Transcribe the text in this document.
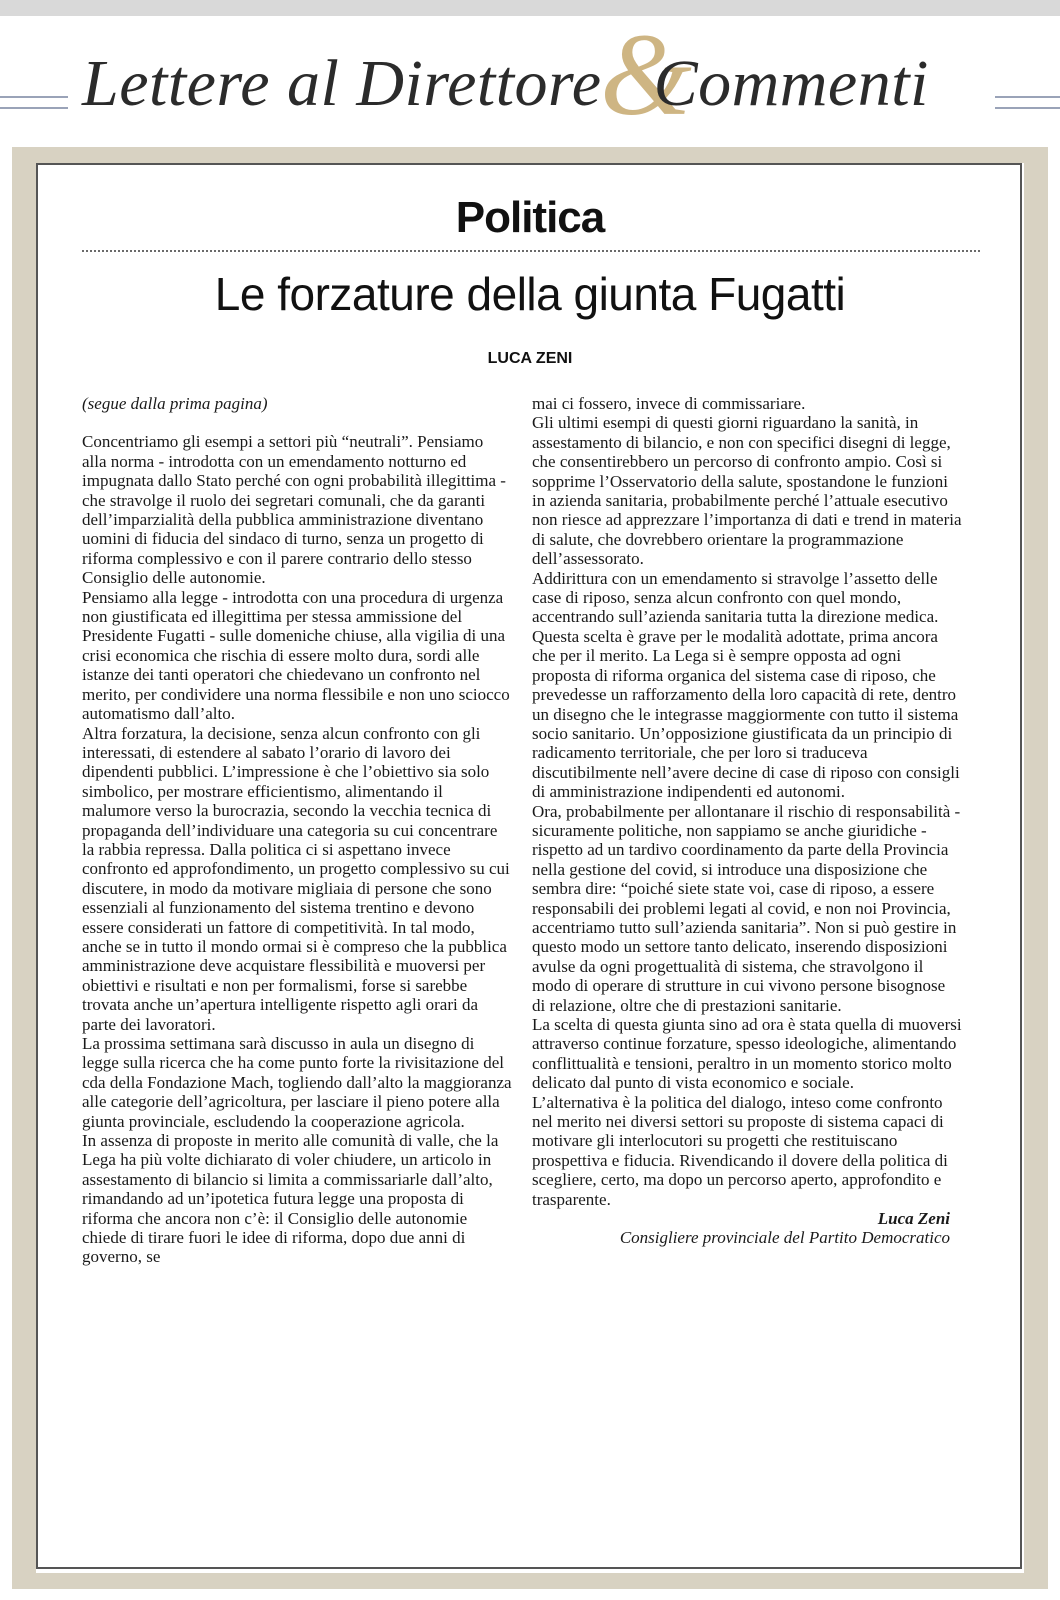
&
Lettere al Direttore Commenti
Politica
Le forzature della giunta Fugatti
LUCA ZENI

(segue dalla prima pagina)

Concentriamo gli esempi a settori più “neutrali”. Pensiamo alla norma - introdotta con un emendamento notturno ed impugnata dallo Stato perché con ogni probabilità illegittima - che stravolge il ruolo dei segretari comunali, che da garanti dell’imparzialità della pubblica amministrazione diventano uomini di fiducia del sindaco di turno, senza un progetto di riforma complessivo e con il parere contrario dello stesso Consiglio delle autonomie.

Pensiamo alla legge - introdotta con una procedura di urgenza non giustificata ed illegittima per stessa ammissione del Presidente Fugatti - sulle domeniche chiuse, alla vigilia di una crisi economica che rischia di essere molto dura, sordi alle istanze dei tanti operatori che chiedevano un confronto nel merito, per condividere una norma flessibile e non uno sciocco automatismo dall’alto.

Altra forzatura, la decisione, senza alcun confronto con gli interessati, di estendere al sabato l’orario di lavoro dei dipendenti pubblici. L’impressione è che l’obiettivo sia solo simbolico, per mostrare efficientismo, alimentando il malumore verso la burocrazia, secondo la vecchia tecnica di propaganda dell’individuare una categoria su cui concentrare la rabbia repressa. Dalla politica ci si aspettano invece confronto ed approfondimento, un progetto complessivo su cui discutere, in modo da motivare migliaia di persone che sono essenziali al funzionamento del sistema trentino e devono essere considerati un fattore di competitività. In tal modo, anche se in tutto il mondo ormai si è compreso che la pubblica amministrazione deve acquistare flessibilità e muoversi per obiettivi e risultati e non per formalismi, forse si sarebbe trovata anche un’apertura intelligente rispetto agli orari da parte dei lavoratori.

La prossima settimana sarà discusso in aula un disegno di legge sulla ricerca che ha come punto forte la rivisitazione del cda della Fondazione Mach, togliendo dall’alto la maggioranza alle categorie dell’agricoltura, per lasciare il pieno potere alla giunta provinciale, escludendo la cooperazione agricola.

In assenza di proposte in merito alle comunità di valle, che la Lega ha più volte dichiarato di voler chiudere, un articolo in assestamento di bilancio si limita a commissariarle dall’alto, rimandando ad un’ipotetica futura legge una proposta di riforma che ancora non c’è: il Consiglio delle autonomie chiede di tirare fuori le idee di riforma, dopo due anni di governo, se

mai ci fossero, invece di commissariare.

Gli ultimi esempi di questi giorni riguardano la sanità, in assestamento di bilancio, e non con specifici disegni di legge, che consentirebbero un percorso di confronto ampio. Così si sopprime l’Osservatorio della salute, spostandone le funzioni in azienda sanitaria, probabilmente perché l’attuale esecutivo non riesce ad apprezzare l’importanza di dati e trend in materia di salute, che dovrebbero orientare la programmazione dell’assessorato.

Addirittura con un emendamento si stravolge l’assetto delle case di riposo, senza alcun confronto con quel mondo, accentrando sull’azienda sanitaria tutta la direzione medica.

Questa scelta è grave per le modalità adottate, prima ancora che per il merito. La Lega si è sempre opposta ad ogni proposta di riforma organica del sistema case di riposo, che prevedesse un rafforzamento della loro capacità di rete, dentro un disegno che le integrasse maggiormente con tutto il sistema socio sanitario. Un’opposizione giustificata da un principio di radicamento territoriale, che per loro si traduceva discutibilmente nell’avere decine di case di riposo con consigli di amministrazione indipendenti ed autonomi.

Ora, probabilmente per allontanare il rischio di responsabilità - sicuramente politiche, non sappiamo se anche giuridiche - rispetto ad un tardivo coordinamento da parte della Provincia nella gestione del covid, si introduce una disposizione che sembra dire: “poiché siete state voi, case di riposo, a essere responsabili dei problemi legati al covid, e non noi Provincia, accentriamo tutto sull’azienda sanitaria”. Non si può gestire in questo modo un settore tanto delicato, inserendo disposizioni avulse da ogni progettualità di sistema, che stravolgono il modo di operare di strutture in cui vivono persone bisognose di relazione, oltre che di prestazioni sanitarie.

La scelta di questa giunta sino ad ora è stata quella di muoversi attraverso continue forzature, spesso ideologiche, alimentando conflittualità e tensioni, peraltro in un momento storico molto delicato dal punto di vista economico e sociale.

L’alternativa è la politica del dialogo, inteso come confronto nel merito nei diversi settori su proposte di sistema capaci di motivare gli interlocutori su progetti che restituiscano prospettiva e fiducia. Rivendicando il dovere della politica di scegliere, certo, ma dopo un percorso aperto, approfondito e trasparente.

Luca Zeni

Consigliere provinciale del Partito Democratico
